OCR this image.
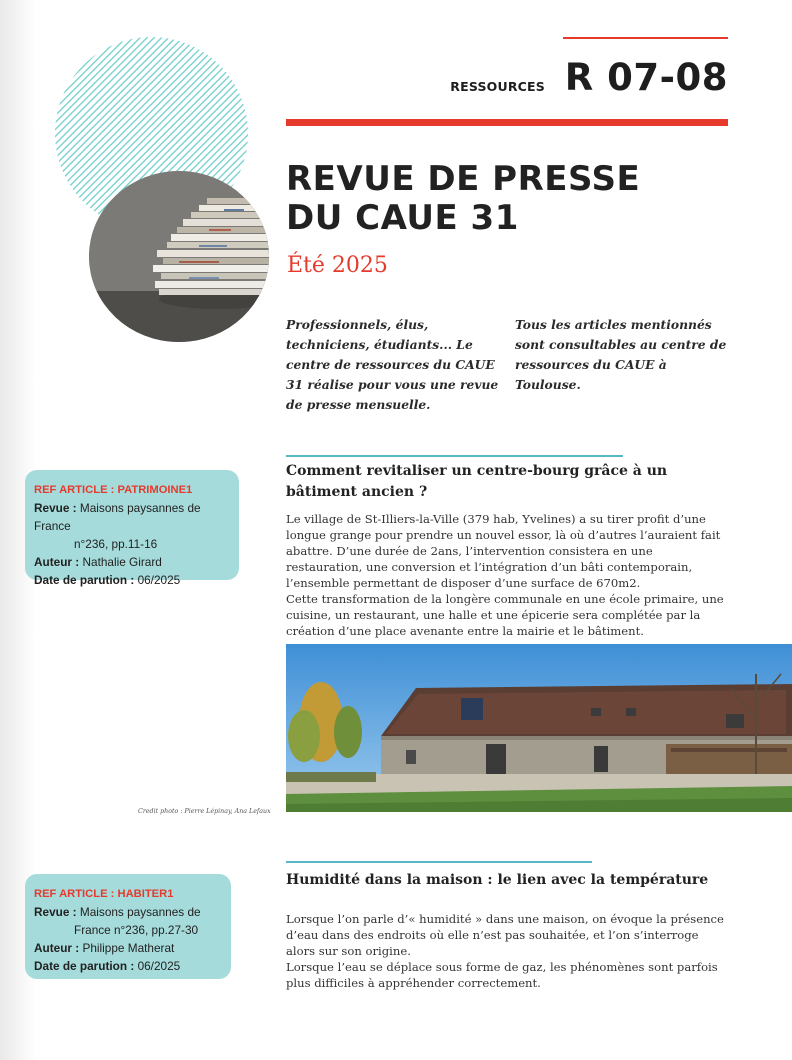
RESSOURCES R 07-08
REVUE DE PRESSE
DU CAUE 31
Été 2025
Professionnels, élus, techniciens, étudiants... Le centre de ressources du CAUE 31 réalise pour vous une revue de presse mensuelle.
Tous les articles mentionnés sont consultables au centre de ressources du CAUE à Toulouse.
REF ARTICLE : PATRIMOINE1
Revue : Maisons paysannes de France
n°236, pp.11-16
Auteur : Nathalie Girard
Date de parution : 06/2025
Comment revitaliser un centre-bourg grâce à un bâtiment ancien ?

Le village de St-Illiers-la-Ville (379 hab, Yvelines) a su tirer profit d’une longue grange pour prendre un nouvel essor, là où d’autres l’auraient fait abattre. D’une durée de 2ans, l’intervention consistera en une restauration, une conversion et l’intégration d’un bâti contemporain, l’ensemble permettant de disposer d’une surface de 670m2.

Cette transformation de la longère communale en une école primaire, une cuisine, un restaurant, une halle et une épicerie sera complétée par la création d’une place avenante entre la mairie et le bâtiment.

Credit photo : Pierre Lépinay, Ana Lefaux
REF ARTICLE : HABITER1
Revue : Maisons paysannes de
France n°236, pp.27-30
Auteur : Philippe Matherat
Date de parution : 06/2025
Humidité dans la maison : le lien avec la température

Lorsque l’on parle d’« humidité » dans une maison, on évoque la présence d’eau dans des endroits où elle n’est pas souhaitée, et l’on s’interroge alors sur son origine.

Lorsque l’eau se déplace sous forme de gaz, les phénomènes sont parfois plus difficiles à appréhender correctement.
